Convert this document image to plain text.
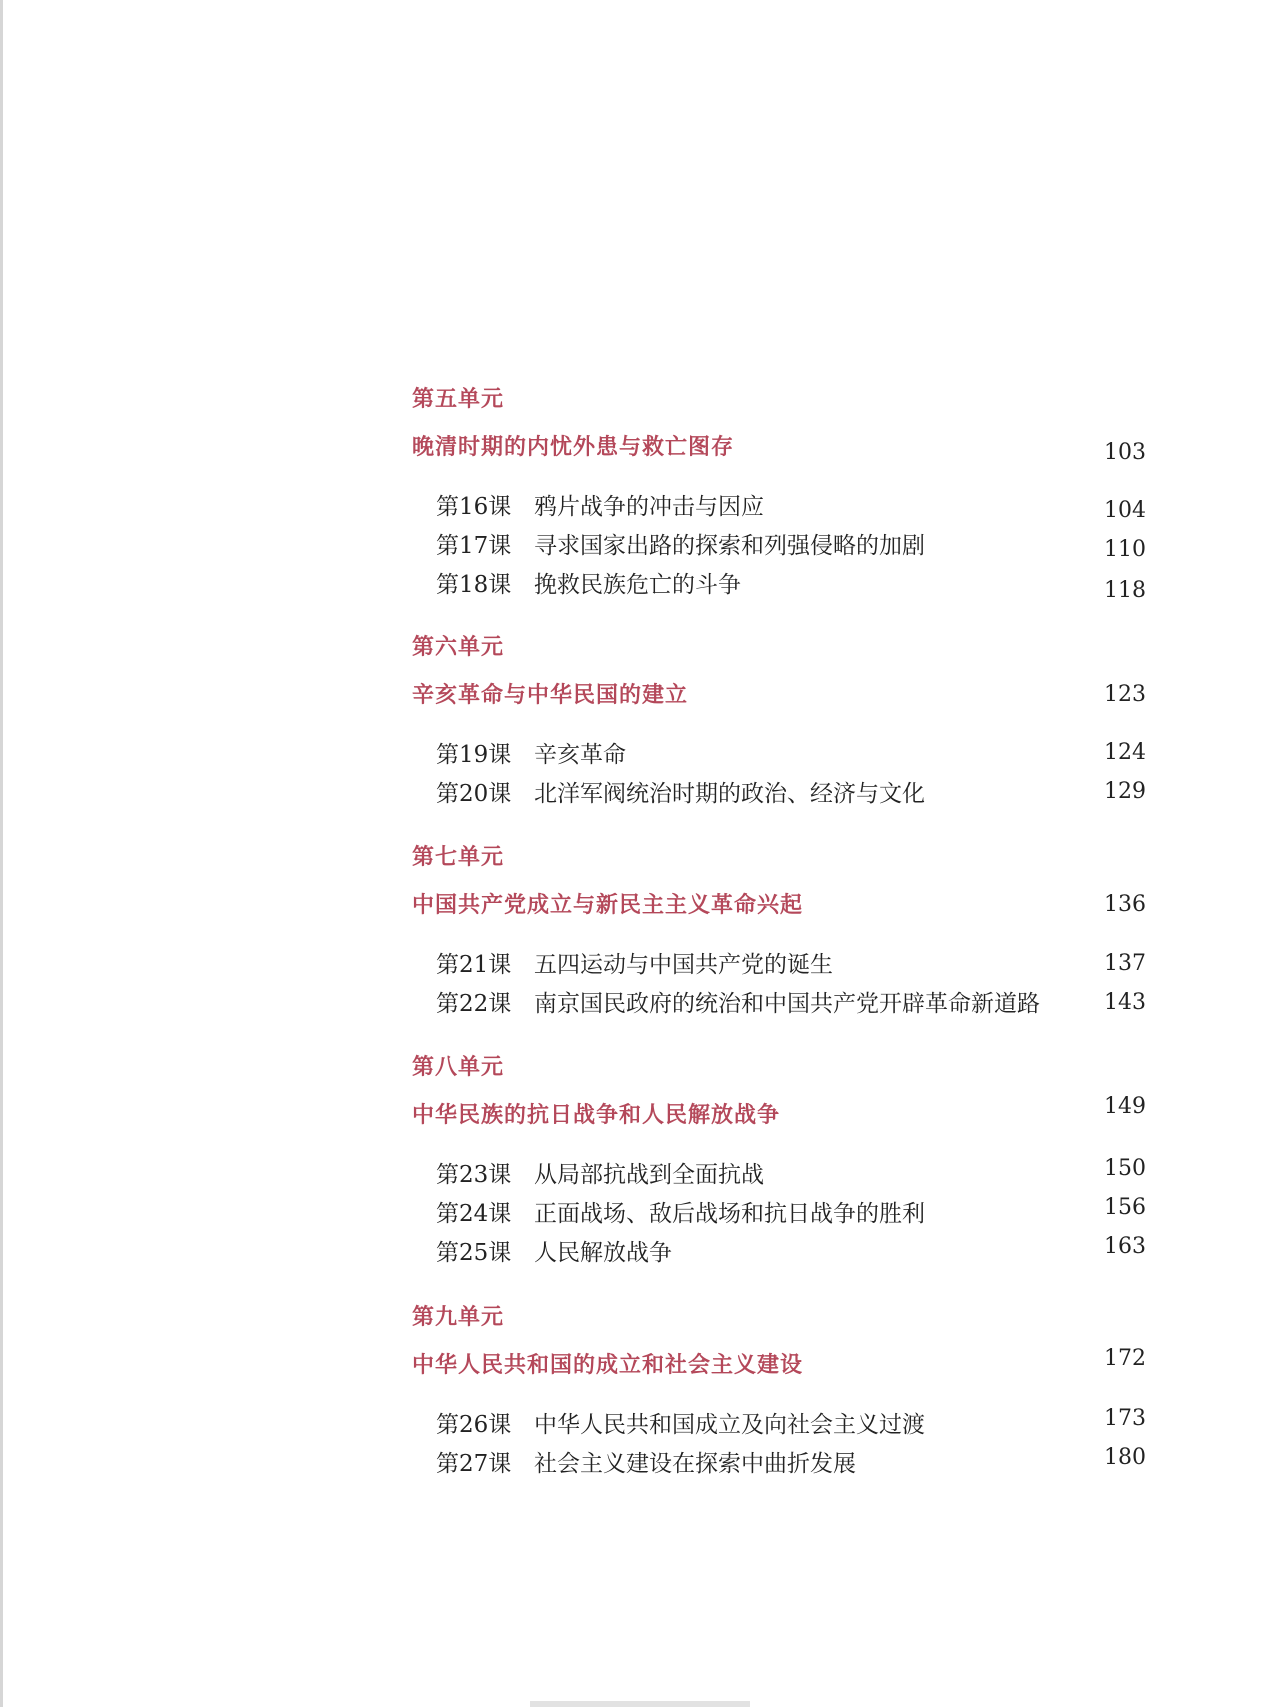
第五单元
晚清时期的内忧外患与救亡图存	103
第16课 鸦片战争的冲击与因应	104
第17课 寻求国家出路的探索和列强侵略的加剧	110
第18课 挽救民族危亡的斗争	118
第六单元
辛亥革命与中华民国的建立	123
第19课 辛亥革命	124
第20课 北洋军阀统治时期的政治、经济与文化	129
第七单元
中国共产党成立与新民主主义革命兴起	136
第21课 五四运动与中国共产党的诞生	137
第22课 南京国民政府的统治和中国共产党开辟革命新道路	143
第八单元
中华民族的抗日战争和人民解放战争	149
第23课 从局部抗战到全面抗战	150
第24课 正面战场、敌后战场和抗日战争的胜利	156
第25课 人民解放战争	163
第九单元
中华人民共和国的成立和社会主义建设	172
第26课 中华人民共和国成立及向社会主义过渡	173
第27课 社会主义建设在探索中曲折发展	180
